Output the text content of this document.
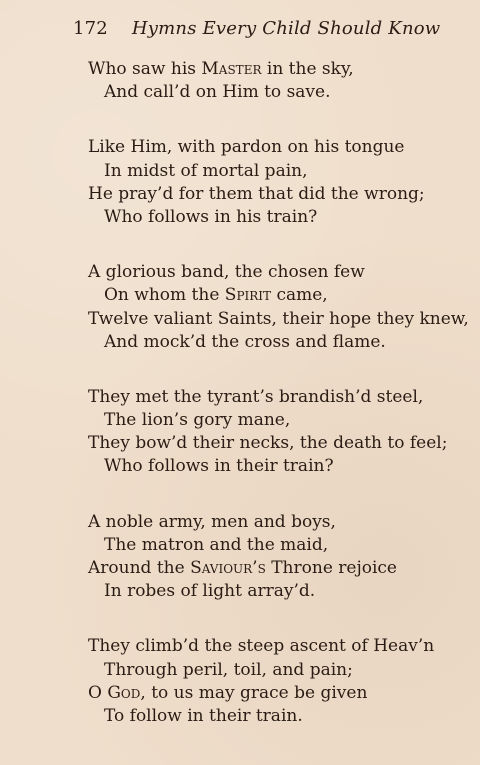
172 Hymns Every Child Should Know
Who saw his Master in the sky,
And call’d on Him to save.
Like Him, with pardon on his tongue
In midst of mortal pain,
He pray’d for them that did the wrong;
Who follows in his train?
A glorious band, the chosen few
On whom the Spirit came,
Twelve valiant Saints, their hope they knew,
And mock’d the cross and flame.
They met the tyrant’s brandish’d steel,
The lion’s gory mane,
They bow’d their necks, the death to feel;
Who follows in their train?
A noble army, men and boys,
The matron and the maid,
Around the Saviour’s Throne rejoice
In robes of light array’d.
They climb’d the steep ascent of Heav’n
Through peril, toil, and pain;
O God, to us may grace be given
To follow in their train.
